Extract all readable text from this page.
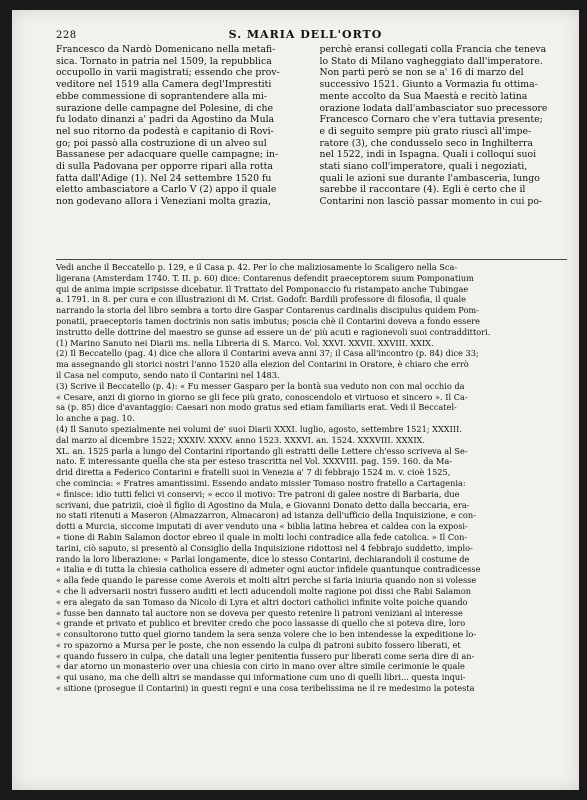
228	S. MARIA DELL'ORTO
Francesco da Nardò Domenicano nella metafi-
sica. Tornato in patria nel 1509, la repubblica
occupollo in varii magistrati; essendo che prov-
veditore nel 1519 alla Camera degl'Imprestiti
ebbe commessione di soprantendere alla mi-
surazione delle campagne del Polesine, di che
fu lodato dinanzi a' padri da Agostino da Mula
nel suo ritorno da podestà e capitanio di Rovi-
go; poi passò alla costruzione di un alveo sul
Bassanese per adacquare quelle campagne; in-
di sulla Padovana per opporre ripari alla rotta
fatta dall'Adige (1). Nel 24 settembre 1520 fu
eletto ambasciatore a Carlo V (2) appo il quale
non godevano allora i Veneziani molta grazia,
perchè eransi collegati colla Francia che teneva
lo Stato di Milano vagheggiato dall'imperatore.
Non partì però se non se a' 16 di marzo del
successivo 1521. Giunto a Vormazia fu ottima-
mente accolto da Sua Maestà e recitò latina
orazione lodata dall'ambasciator suo precessore
Francesco Cornaro che v'era tuttavia presente;
e di seguito sempre più grato riuscì all'impe-
ratore (3), che condusselo seco in Inghilterra
nel 1522, indi in Ispagna. Quali i colloqui suoi
stati siano coll'imperatore, quali i negoziati,
quali le azioni sue durante l'ambasceria, lungo
sarebbe il raccontare (4). Egli è certo che il
Contarini non lasciò passar momento in cui po-
Vedi anche il Beccatello p. 129, e il Casa p. 42. Per lo che maliziosamente lo Scaligero nella Sca-
ligerana (Amsterdam 1740. T. II. p. 60) dice: Contarenus defendit praeceptorem suum Pomponatium
qui de anima impie scripsisse dicebatur. Il Trattato del Pomponaccio fu ristampato anche Tubingae
a. 1791. in 8. per cura e con illustrazioni di M. Crist. Godofr. Bardili professore di filosofia, il quale
narrando la storia del libro sembra a torto dire Gaspar Contarenus cardinalis discipulus quidem Pom-
ponatii, praeceptoris tamen doctrinis non satis imbutus; poscia chè il Contarini doveva a fondo essere
instrutto delle dottrine del maestro se gunse ad essere un de' più acuti e ragionevoli suoi contraddittori.
(1) Marino Sanuto nei Diarii ms. nella Libreria di S. Marco. Vol. XXVI. XXVII. XXVIII. XXIX.
(2) Il Beccatello (pag. 4) dice che allora il Contarini aveva anni 37; il Casa all'incontro (p. 84) dice 33;
ma assegnando gli storici nostri l'anno 1520 alla elezion del Contarini in Oratore, è chiaro che errò
il Casa nel computo, sendo nato il Contarini nel 1483.
(3) Scrive il Beccatello (p. 4): « Fu messer Gasparo per la bontà sua veduto non con mal occhio da
« Cesare, anzi di giorno in giorno se gli fece più grato, conoscendolo et virtuoso et sincero ». Il Ca-
sa (p. 85) dice d'avantaggio: Caesari non modo gratus sed etiam familiaris erat. Vedi il Beccatel-
lo anche a pag. 10.
(4) Il Sanuto spezialmente nei volumi de' suoi Diarii XXXI. luglio, agosto, settembre 1521; XXXIII.
dal marzo al dicembre 1522; XXXIV. XXXV. anno 1523. XXXVI. an. 1524. XXXVIII. XXXIX.
XL. an. 1525 parla a lungo del Contarini riportando gli estratti delle Lettere ch'esso scriveva al Se-
nato. È interessante quella che sta per esteso trascritta nel Vol. XXXVIII. pag. 159. 160. da Ma-
drid diretta a Federico Contarini e fratelli suoi in Venezia a' 7 di febbrajo 1524 m. v. cioè 1525,
che cominciа: « Fratres amantissimi. Essendo andato missier Tomaso nostro fratello a Cartagenia:
« finisce: idio tutti felici vi conservi; » ecco il motivo: Tre patroni di galee nostre di Barbaria, due
scrivani, due patrizii, cioè il figlio di Agostino da Mula, e Giovanni Donato detto dalla beccaria, era-
no stati ritenuti a Maseron (Almazzarron, Almacaron) ad istanza dell'ufficio della Inquisizione, e con-
dotti a Murcia, siccome imputati di aver venduto una « biblia latina hebrea et caldea con la exposi-
« tione di Rabin Salamon doctor ebreo il quale in molti lochi contradice alla fede catolica. » Il Con-
tarini, ciò saputo, si presentò al Consiglio della Inquisizione ridottosi nel 4 febbrajo suddetto, implo-
rando la loro liberazione: « Parlai longamente, dice lo stesso Contarini, dechiarandoli il costume de
« italia e di tutta la chiesia catholica essere di admeter ogni auctor infidele quantunque contradicesse
« alla fede quando le paresse come Averois et molti altri perche si faria iniuria quando non si volesse
« che li adversarii nostri fussero auditi et lecti aducendoli molte ragione poi dissi che Rabi Salamon
« era alegato da san Tomaso da Nicolo di Lyra et altri doctori catholici infinite volte poiche quando
« fusse ben dannato tal auctore non se doveva per questo retenire li patroni veniziani al interesse
« grande et privato et publico et breviter credo che poco lassasse di quello che si poteva dire, loro
« consultorono tutto quel giorno tandem la sera senza volere che io ben intendesse la expeditione lo-
« ro spazorno a Mursa per le poste, che non essendo la culpa di patroni subito fossero liberati, et
« quando fussero in culpa, che datali una legier penitentia fussero pur liberati come seria dire di an-
« dar atorno un monasterio over una chiesia con cirio in mano over altre simile cerimonie le quale
« qui usano, ma che delli altri se mandasse qui informatione cum uno di quelli libri... questa inqui-
« sitione (prosegue il Contarini) in questi regni e una cosa teribelissima ne il re medesimo la potesta
